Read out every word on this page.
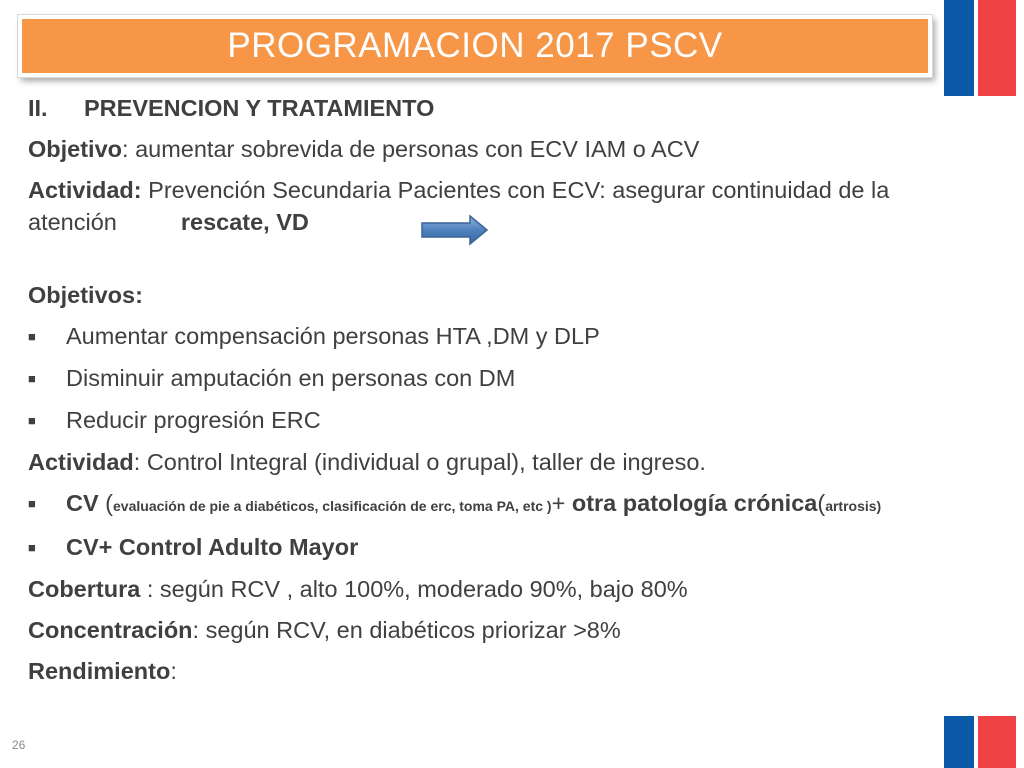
PROGRAMACION 2017 PSCV

II. PREVENCION Y TRATAMIENTO

Objetivo: aumentar sobrevida de personas con ECV IAM o ACV

Actividad: Prevención Secundaria Pacientes con ECV: asegurar continuidad de la atención	rescate, VD

Objetivos:

■	Aumentar compensación personas HTA ,DM y DLP
■	Disminuir amputación en personas con DM
■	Reducir progresión ERC

Actividad: Control Integral (individual o grupal), taller de ingreso.

■	CV (evaluación de pie a diabéticos, clasificación de erc, toma PA, etc )+ otra patología crónica(artrosis)
■	CV+ Control Adulto Mayor

Cobertura : según RCV , alto 100%, moderado 90%, bajo 80%

Concentración: según RCV, en diabéticos priorizar >8%

Rendimiento:

26
